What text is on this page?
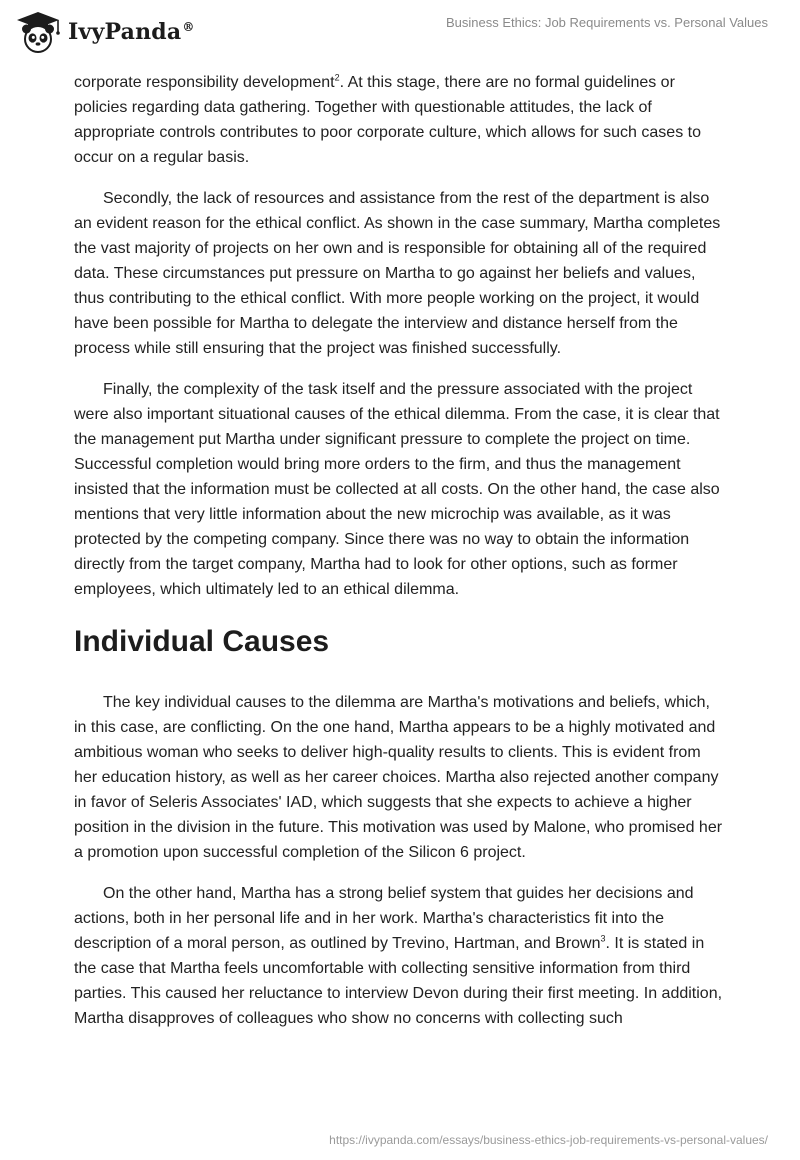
IvyPanda®	Business Ethics: Job Requirements vs. Personal Values

corporate responsibility development$^2$. At this stage, there are no formal guidelines or policies regarding data gathering. Together with questionable attitudes, the lack of appropriate controls contributes to poor corporate culture, which allows for such cases to occur on a regular basis.

Secondly, the lack of resources and assistance from the rest of the department is also an evident reason for the ethical conflict. As shown in the case summary, Martha completes the vast majority of projects on her own and is responsible for obtaining all of the required data. These circumstances put pressure on Martha to go against her beliefs and values, thus contributing to the ethical conflict. With more people working on the project, it would have been possible for Martha to delegate the interview and distance herself from the process while still ensuring that the project was finished successfully.

Finally, the complexity of the task itself and the pressure associated with the project were also important situational causes of the ethical dilemma. From the case, it is clear that the management put Martha under significant pressure to complete the project on time. Successful completion would bring more orders to the firm, and thus the management insisted that the information must be collected at all costs. On the other hand, the case also mentions that very little information about the new microchip was available, as it was protected by the competing company. Since there was no way to obtain the information directly from the target company, Martha had to look for other options, such as former employees, which ultimately led to an ethical dilemma.

Individual Causes

The key individual causes to the dilemma are Martha's motivations and beliefs, which, in this case, are conflicting. On the one hand, Martha appears to be a highly motivated and ambitious woman who seeks to deliver high-quality results to clients. This is evident from her education history, as well as her career choices. Martha also rejected another company in favor of Seleris Associates' IAD, which suggests that she expects to achieve a higher position in the division in the future. This motivation was used by Malone, who promised her a promotion upon successful completion of the Silicon 6 project.

On the other hand, Martha has a strong belief system that guides her decisions and actions, both in her personal life and in her work. Martha's characteristics fit into the description of a moral person, as outlined by Trevino, Hartman, and Brown$^3$. It is stated in the case that Martha feels uncomfortable with collecting sensitive information from third parties. This caused her reluctance to interview Devon during their first meeting. In addition, Martha disapproves of colleagues who show no concerns with collecting such

https://ivypanda.com/essays/business-ethics-job-requirements-vs-personal-values/
